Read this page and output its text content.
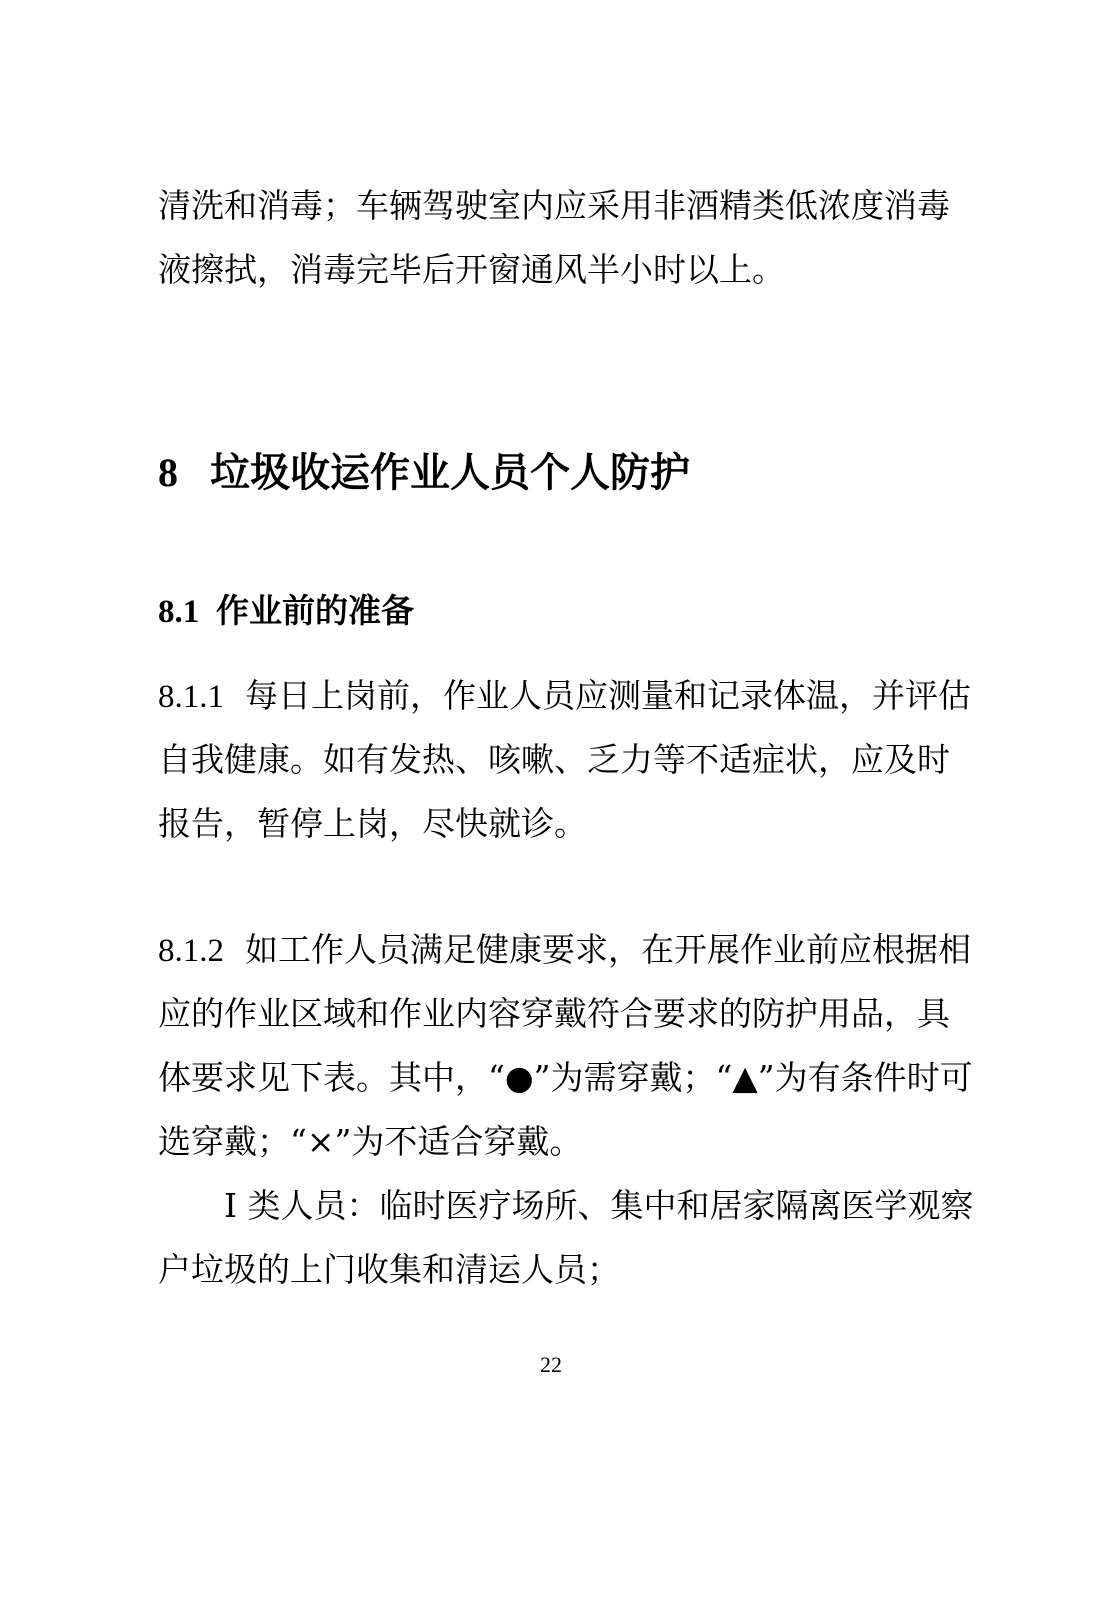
清洗和消毒；车辆驾驶室内应采用非酒精类低浓度消毒
液擦拭，消毒完毕后开窗通风半小时以上。
8 垃圾收运作业人员个人防护
8.1 作业前的准备
8.1.1 每日上岗前，作业人员应测量和记录体温，并评估
自我健康。如有发热、咳嗽、乏力等不适症状，应及时
报告，暂停上岗，尽快就诊。
8.1.2 如工作人员满足健康要求，在开展作业前应根据相
应的作业区域和作业内容穿戴符合要求的防护用品，具
体要求见下表。其中，“●”为需穿戴；“▲”为有条件时可
选穿戴；“×”为不适合穿戴。
I 类人员：临时医疗场所、集中和居家隔离医学观察
户垃圾的上门收集和清运人员；
22
